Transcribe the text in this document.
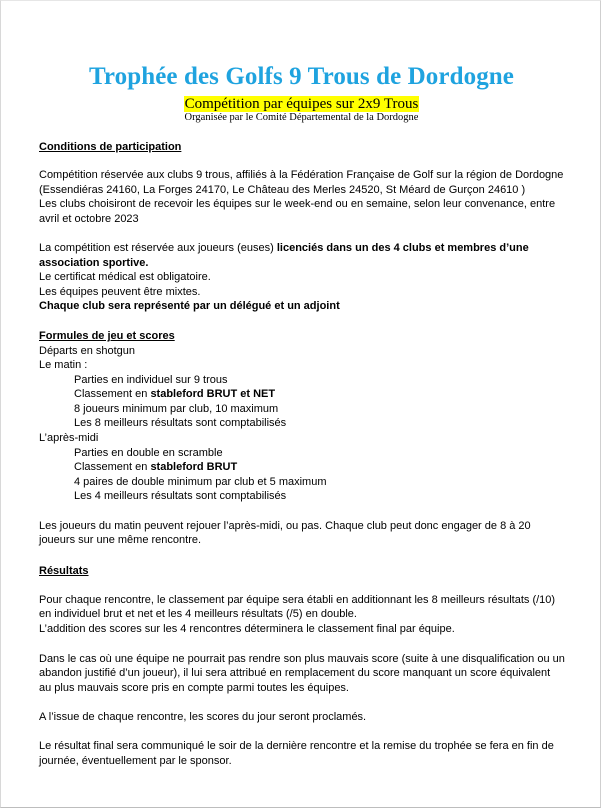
Trophée des Golfs 9 Trous de Dordogne
Compétition par équipes sur 2x9 Trous
Organisée par le Comité Départemental de la Dordogne
Conditions de participation
Compétition réservée aux clubs 9 trous, affiliés à la Fédération Française de Golf sur la région de Dordogne
(Essendiéras 24160, La Forges 24170, Le Château des Merles 24520, St Méard de Gurçon 24610 )
Les clubs choisiront de recevoir les équipes sur le week-end ou en semaine, selon leur convenance, entre
avril et octobre 2023
La compétition est réservée aux joueurs (euses) licenciés dans un des 4 clubs et membres d’une
association sportive.
Le certificat médical est obligatoire.
Les équipes peuvent être mixtes.
Chaque club sera représenté par un délégué et un adjoint
Formules de jeu et scores
Départs en shotgun
Le matin :
Parties en individuel sur 9 trous
Classement en stableford BRUT et NET
8 joueurs minimum par club, 10 maximum
Les 8 meilleurs résultats sont comptabilisés
L’après-midi
Parties en double en scramble
Classement en stableford BRUT
4 paires de double minimum par club et 5 maximum
Les 4 meilleurs résultats sont comptabilisés
Les joueurs du matin peuvent rejouer l’après-midi, ou pas. Chaque club peut donc engager de 8 à 20
joueurs sur une même rencontre.
Résultats
Pour chaque rencontre, le classement par équipe sera établi en additionnant les 8 meilleurs résultats (/10)
en individuel brut et net et les 4 meilleurs résultats (/5) en double.
L’addition des scores sur les 4 rencontres déterminera le classement final par équipe.
Dans le cas où une équipe ne pourrait pas rendre son plus mauvais score (suite à une disqualification ou un
abandon justifié d’un joueur), il lui sera attribué en remplacement du score manquant un score équivalent
au plus mauvais score pris en compte parmi toutes les équipes.
A l’issue de chaque rencontre, les scores du jour seront proclamés.
Le résultat final sera communiqué le soir de la dernière rencontre et la remise du trophée se fera en fin de
journée, éventuellement par le sponsor.
